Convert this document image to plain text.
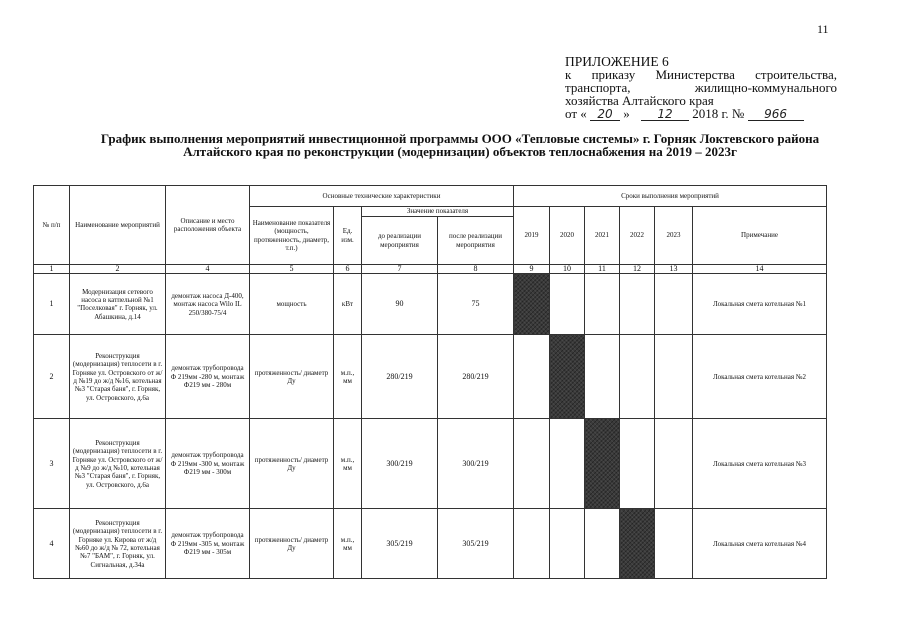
11
ПРИЛОЖЕНИЕ 6
к приказу Министерства строительства,
транспорта,	жилищно-коммунального
хозяйства Алтайского края
от « 20 » 12 2018 г. № 966
График выполнения мероприятий инвестиционной программы ООО «Тепловые системы» г. Горняк Локтевского района Алтайского края по реконструкции (модернизации) объектов теплоснабжения на 2019 – 2023г
№ п/п	Наименование мероприятий	Описание и место расположения объекта	Основные технические характеристики				Сроки выполнения мероприятий					
			Наименование показателя (мощность, протяженность, диаметр, т.п.)	Ед. изм.	Значение показателя		2019	2020	2021	2022	2023	Примечание
					до реализации мероприятия	после реализации мероприятия						
1	2	4	5	6	7	8	9	10	11	12	13	14
1	Модернизация сетевого насоса в катпельной №1 "Поселковая" г. Горняк, ул. Абашкина, д.14	демонтаж насоса Д-400, монтаж насоса Wilo IL 250/380-75/4	мощность	кВт	90	75						Локальная смета котельная №1
2	Реконструкция (модернизация) теплосети в г. Горняке ул. Островского от ж/д №19 до ж/д №16, котельная №3 "Старая баня", г. Горняк, ул. Островского, д.6а	демонтаж трубопровода Ф 219мм -280 м, монтаж Ф219 мм - 280м	протяженность/ диаметр Ду	м.п., мм	280/219	280/219						Локальная смета котельная №2
3	Реконструкция (модернизация) теплосети в г. Горняке ул. Островского от ж/д №9 до ж/д №10, котельная №3 "Старая баня", г. Горняк, ул. Островского, д.6а	демонтаж трубопровода Ф 219мм -300 м, монтаж Ф219 мм - 300м	протяженность/ диаметр Ду	м.п., мм	300/219	300/219						Локальная смета котельная №3
4	Реконструкция (модернизация) теплосети в г. Горняке ул. Кирова от ж/д №60 до ж/д № 72, котельная №7 "БАМ", г. Горняк, ул. Сигнальная, д.34а	демонтаж трубопровода Ф 219мм -305 м, монтаж Ф219 мм - 305м	протяженность/ диаметр Ду	м.п., мм	305/219	305/219						Локальная смета котельная №4
